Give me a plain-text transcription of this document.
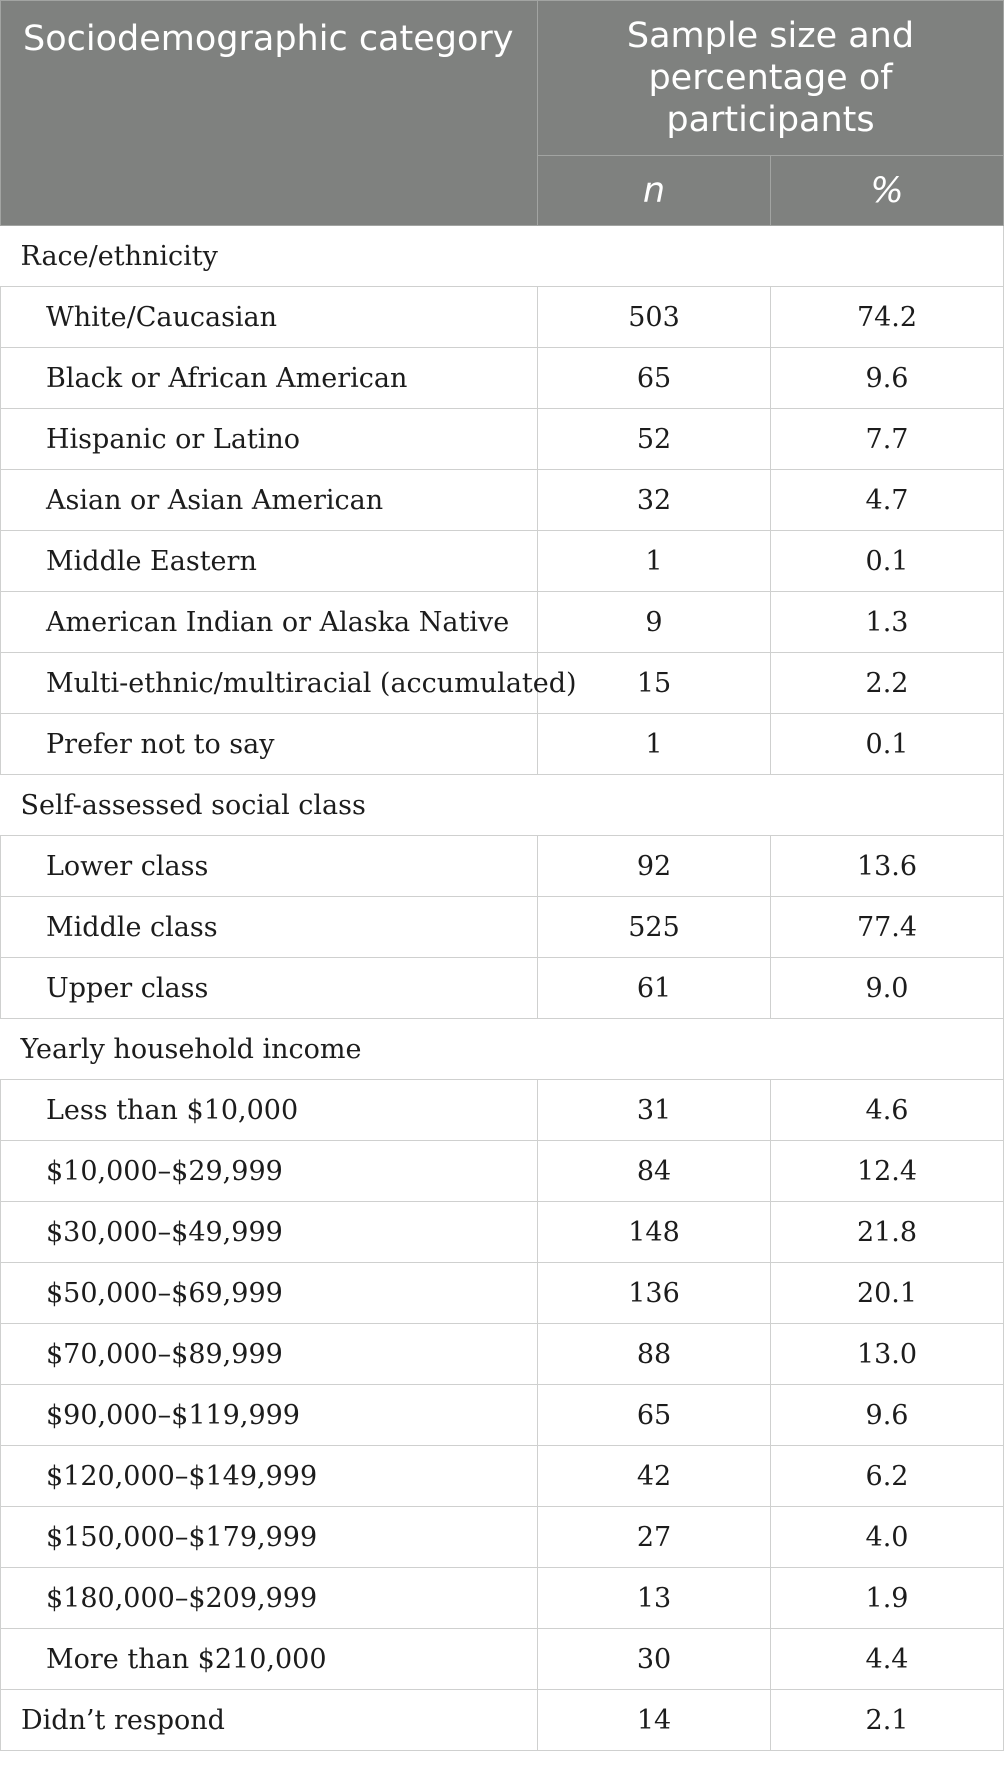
Sociodemographic category	Sample size and percentage of participants	
	n	%
Race/ethnicity		
White/Caucasian	503	74.2
Black or African American	65	9.6
Hispanic or Latino	52	7.7
Asian or Asian American	32	4.7
Middle Eastern	1	0.1
American Indian or Alaska Native	9	1.3
Multi-ethnic/multiracial (accumulated)	15	2.2
Prefer not to say	1	0.1
Self-assessed social class		
Lower class	92	13.6
Middle class	525	77.4
Upper class	61	9.0
Yearly household income		
Less than $10,000	31	4.6
$10,000–$29,999	84	12.4
$30,000–$49,999	148	21.8
$50,000–$69,999	136	20.1
$70,000–$89,999	88	13.0
$90,000–$119,999	65	9.6
$120,000–$149,999	42	6.2
$150,000–$179,999	27	4.0
$180,000–$209,999	13	1.9
More than $210,000	30	4.4
Didn’t respond	14	2.1
